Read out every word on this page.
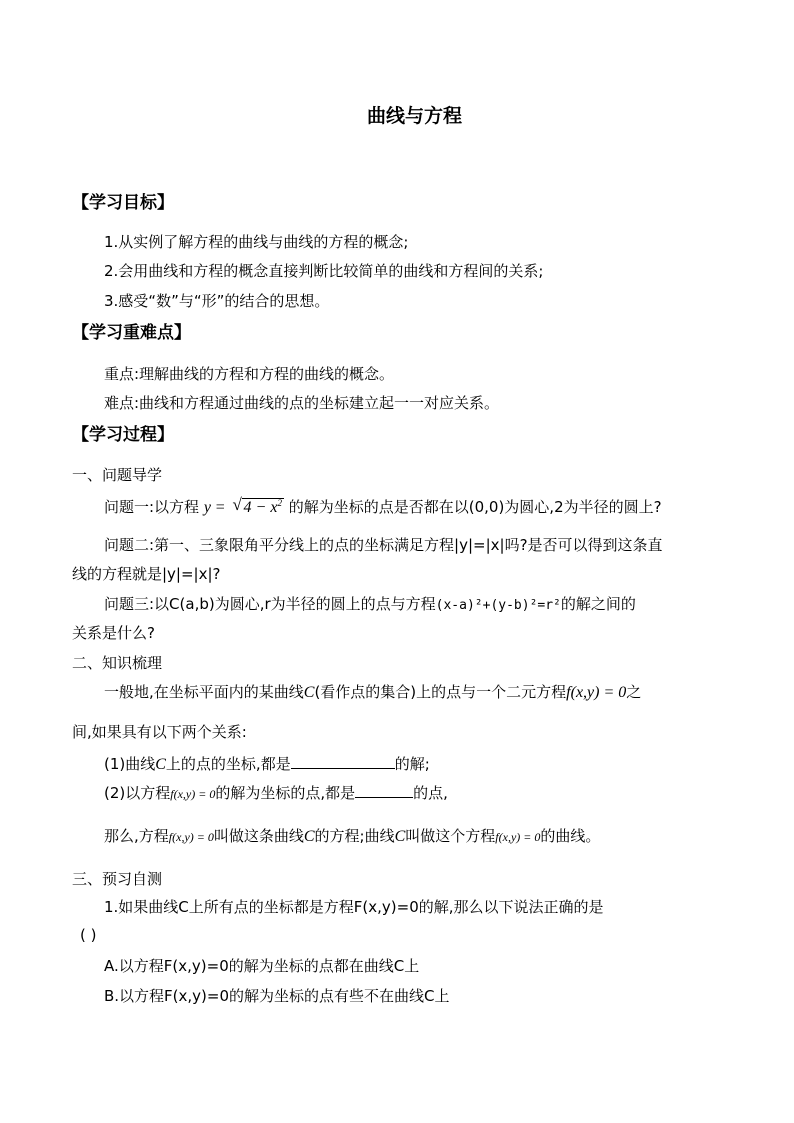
曲线与方程
【学习目标】
1.从实例了解方程的曲线与曲线的方程的概念;
2.会用曲线和方程的概念直接判断比较简单的曲线和方程间的关系;
3.感受“数”与“形”的结合的思想。
【学习重难点】
重点:理解曲线的方程和方程的曲线的概念。
难点:曲线和方程通过曲线的点的坐标建立起一一对应关系。
【学习过程】
一、问题导学
问题一:以方程 y = √ $4 - x^2$ 的解为坐标的点是否都在以(0,0)为圆心,2为半径的圆上?
问题二:第一、三象限角平分线上的点的坐标满足方程|y|=|x|吗?是否可以得到这条直
线的方程就是|y|=|x|?
问题三:以C(a,b)为圆心,r为半径的圆上的点与方程(x-a)²+(y-b)²=r²的解之间的
关系是什么?
二、知识梳理
一般地,在坐标平面内的某曲线C(看作点的集合)上的点与一个二元方程f(x,y) = 0之
间,如果具有以下两个关系:
(1)曲线C上的点的坐标,都是	的解;
(2)以方程f(x,y) = 0的解为坐标的点,都是	的点,
那么,方程f(x,y) = 0叫做这条曲线C的方程;曲线C叫做这个方程f(x,y) = 0的曲线。
三、预习自测
1.如果曲线C上所有点的坐标都是方程F(x,y)=0的解,那么以下说法正确的是
( )
A.以方程F(x,y)=0的解为坐标的点都在曲线C上
B.以方程F(x,y)=0的解为坐标的点有些不在曲线C上
